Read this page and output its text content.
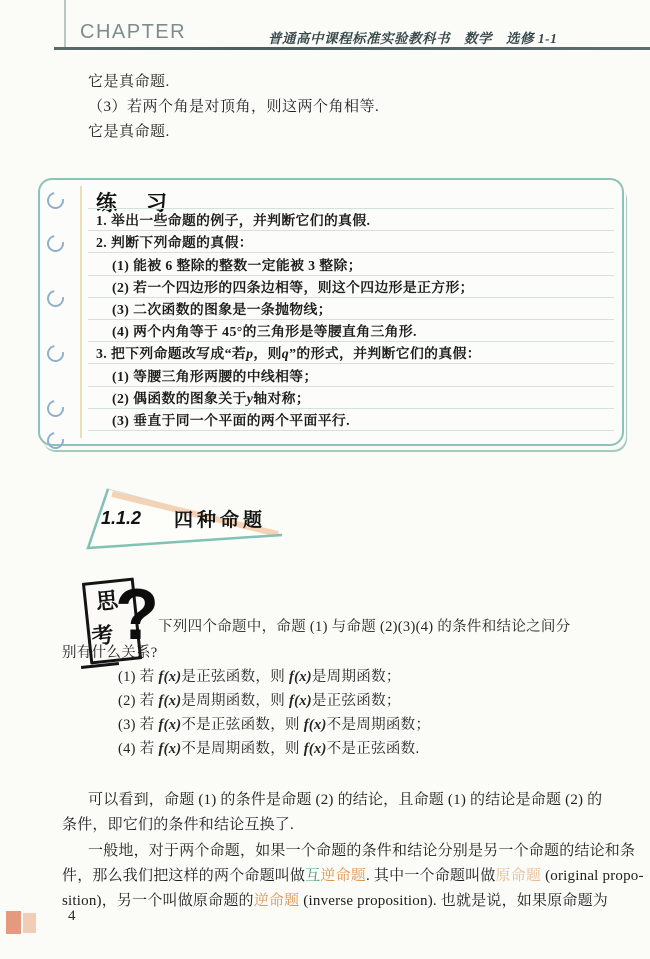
CHAPTER	普通高中课程标准实验教科书　数学　选修 1-1
它是真命题.
（3）若两个角是对顶角，则这两个角相等.
它是真命题.
练　习
1. 举出一些命题的例子，并判断它们的真假.
2. 判断下列命题的真假：
(1) 能被 6 整除的整数一定能被 3 整除；
(2) 若一个四边形的四条边相等，则这个四边形是正方形；
(3) 二次函数的图象是一条抛物线；
(4) 两个内角等于 45°的三角形是等腰直角三角形.
3. 把下列命题改写成“若 p ，则 q ”的形式，并判断它们的真假：
(1) 等腰三角形两腰的中线相等；
(2) 偶函数的图象关于 y 轴对称；
(3) 垂直于同一个平面的两个平面平行.
1.1.2 四种命题
思
考 ? 下列四个命题中，命题 (1) 与命题 (2)(3)(4) 的条件和结论之间分
别有什么关系?
(1) 若 f(x)是正弦函数，则 f(x)是周期函数；
(2) 若 f(x)是周期函数，则 f(x)是正弦函数；
(3) 若 f(x)不是正弦函数，则 f(x)不是周期函数；
(4) 若 f(x)不是周期函数，则 f(x)不是正弦函数.
可以看到，命题 (1) 的条件是命题 (2) 的结论，且命题 (1) 的结论是命题 (2) 的
条件，即它们的条件和结论互换了.
一般地，对于两个命题，如果一个命题的条件和结论分别是另一个命题的结论和条
件，那么我们把这样的两个命题叫做互逆命题. 其中一个命题叫做原命题 (original propo-
sition)，另一个叫做原命题的逆命题 (inverse proposition). 也就是说，如果原命题为
4
